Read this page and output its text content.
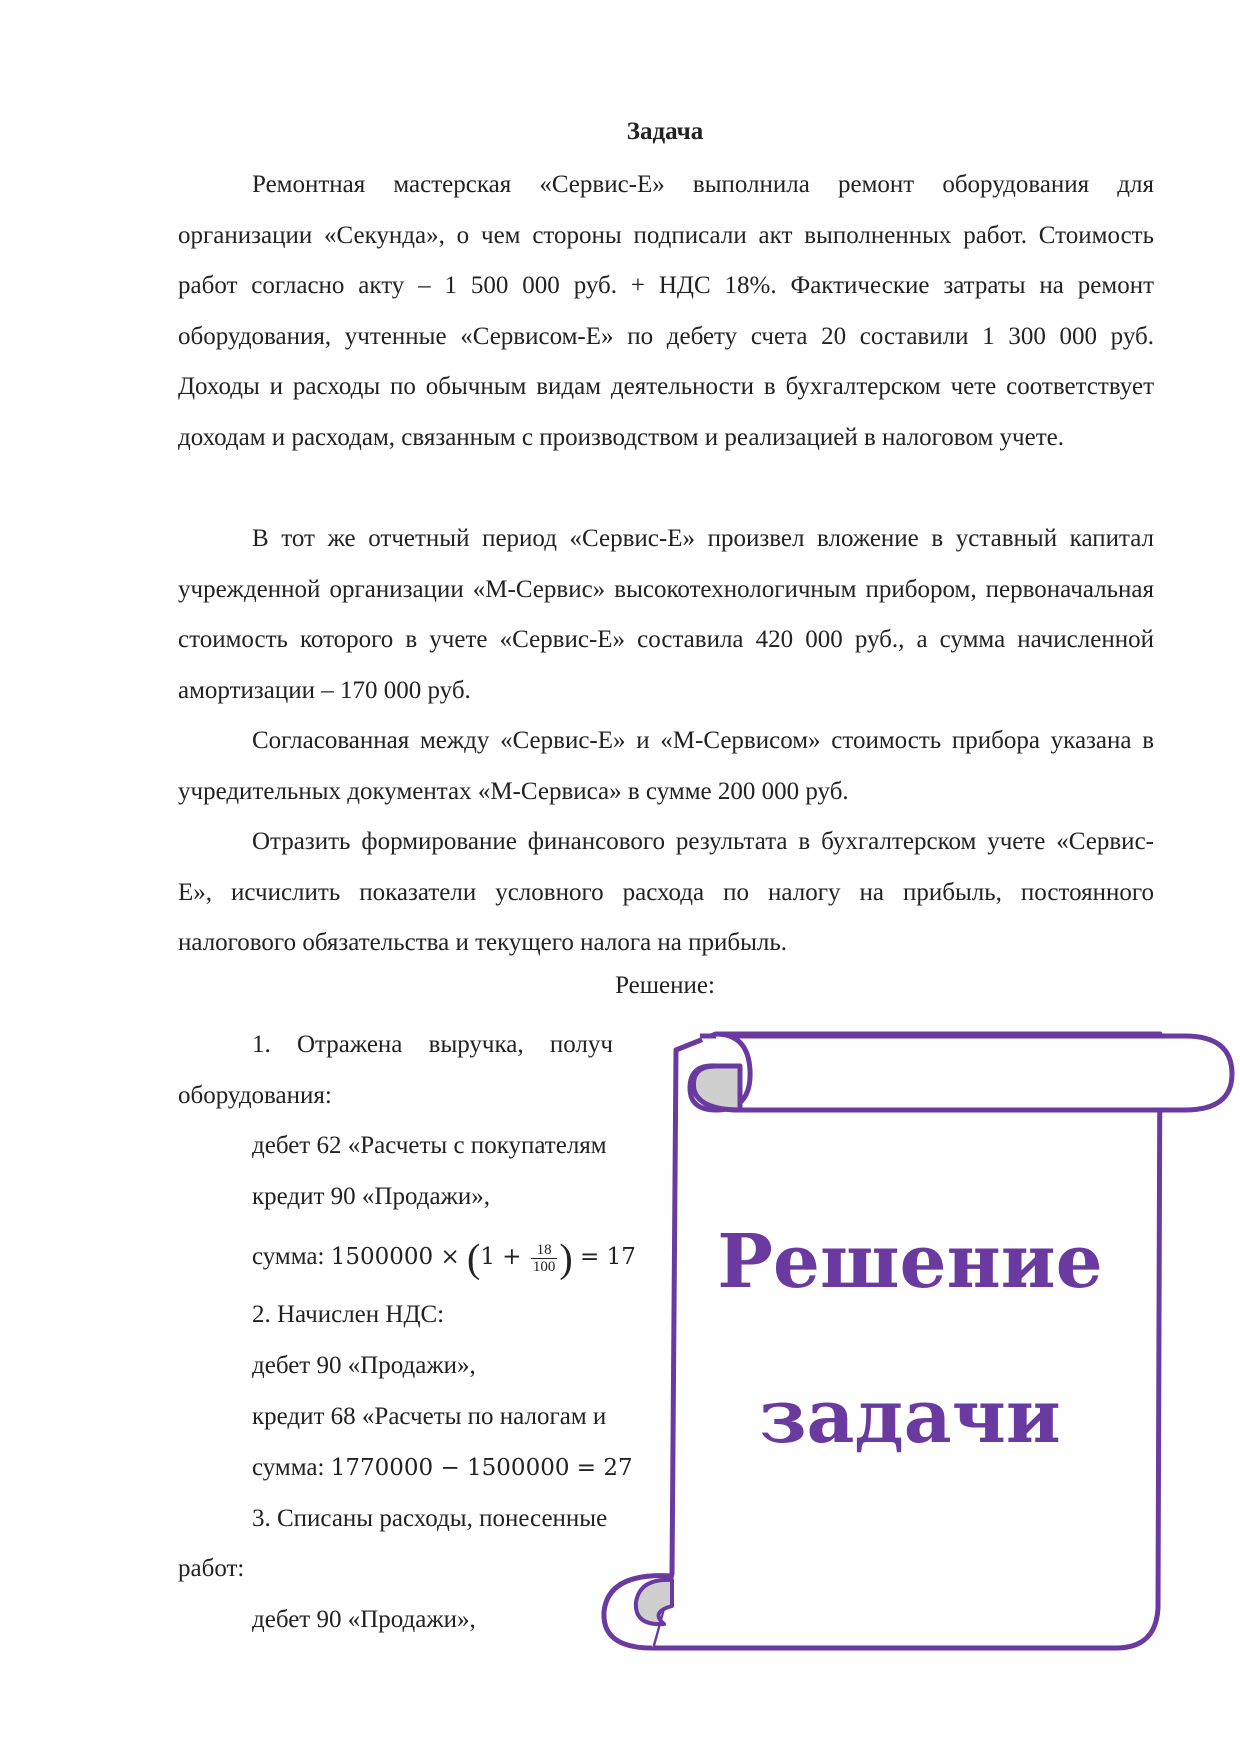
Задача

Ремонтная мастерская «Сервис-Е» выполнила ремонт оборудования для организации «Секунда», о чем стороны подписали акт выполненных работ. Стоимость работ согласно акту – 1 500 000 руб. + НДС 18%. Фактические затраты на ремонт оборудования, учтенные «Сервисом-Е» по дебету счета 20 составили 1 300 000 руб. Доходы и расходы по обычным видам деятельности в бухгалтерском чете соответствует доходам и расходам, связанным с производством и реализацией в налоговом учете.

В тот же отчетный период «Сервис-Е» произвел вложение в уставный капитал учрежденной организации «М-Сервис» высокотехнологичным прибором, первоначальная стоимость которого в учете «Сервис-Е» составила 420 000 руб., а сумма начисленной амортизации – 170 000 руб.

Согласованная между «Сервис-Е» и «М-Сервисом» стоимость прибора указана в учредительных документах «М-Сервиса» в сумме 200 000 руб.

Отразить формирование финансового результата в бухгалтерском учете «Сервис-Е», исчислить показатели условного расхода по налогу на прибыль, постоянного налогового обязательства и текущего налога на прибыль.

Решение:
1. Отражена выручка, получ
оборудования:
дебет 62 «Расчеты с покупателям
кредит 90 «Продажи»,
сумма: $1500000 \times (1 + \frac{18}{100}$ ) = 17
2. Начислен НДС:
дебет 90 «Продажи»,
кредит 68 «Расчеты по налогам и
сумма: 1770000 − 1500000 = 27
3. Списаны расходы, понесенные
работ:
дебет 90 «Продажи»,
Решение
задачи
